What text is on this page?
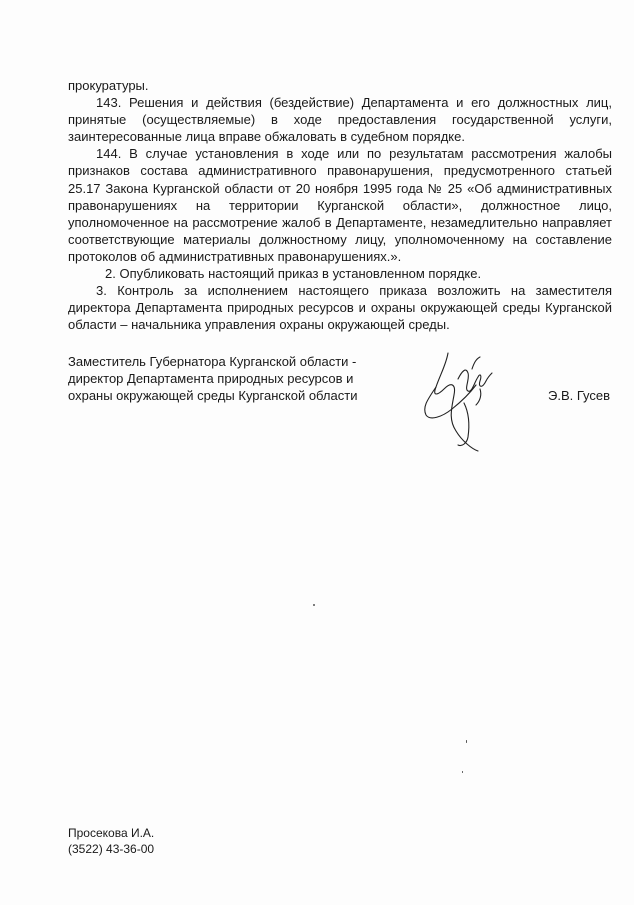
прокуратуры.

143. Решения и действия (бездействие) Департамента и его должностных лиц, принятые (осуществляемые) в ходе предоставления государственной услуги, заинтересованные лица вправе обжаловать в судебном порядке.

144. В случае установления в ходе или по результатам рассмотрения жалобы признаков состава административного правонарушения, предусмотренного статьей 25.17 Закона Курганской области от 20 ноября 1995 года № 25 «Об административных правонарушениях на территории Курганской области», должностное лицо, уполномоченное на рассмотрение жалоб в Департаменте, незамедлительно направляет соответствующие материалы должностному лицу, уполномоченному на составление протоколов об административных правонарушениях.».

2. Опубликовать настоящий приказ в установленном порядке.

3. Контроль за исполнением настоящего приказа возложить на заместителя директора Департамента природных ресурсов и охраны окружающей среды Курганской области – начальника управления охраны окружающей среды.

Заместитель Губернатора Курганской области -
директор Департамента природных ресурсов и
охраны окружающей среды Курганской области	Э.В. Гусев
Просекова И.А.
(3522) 43-36-00
